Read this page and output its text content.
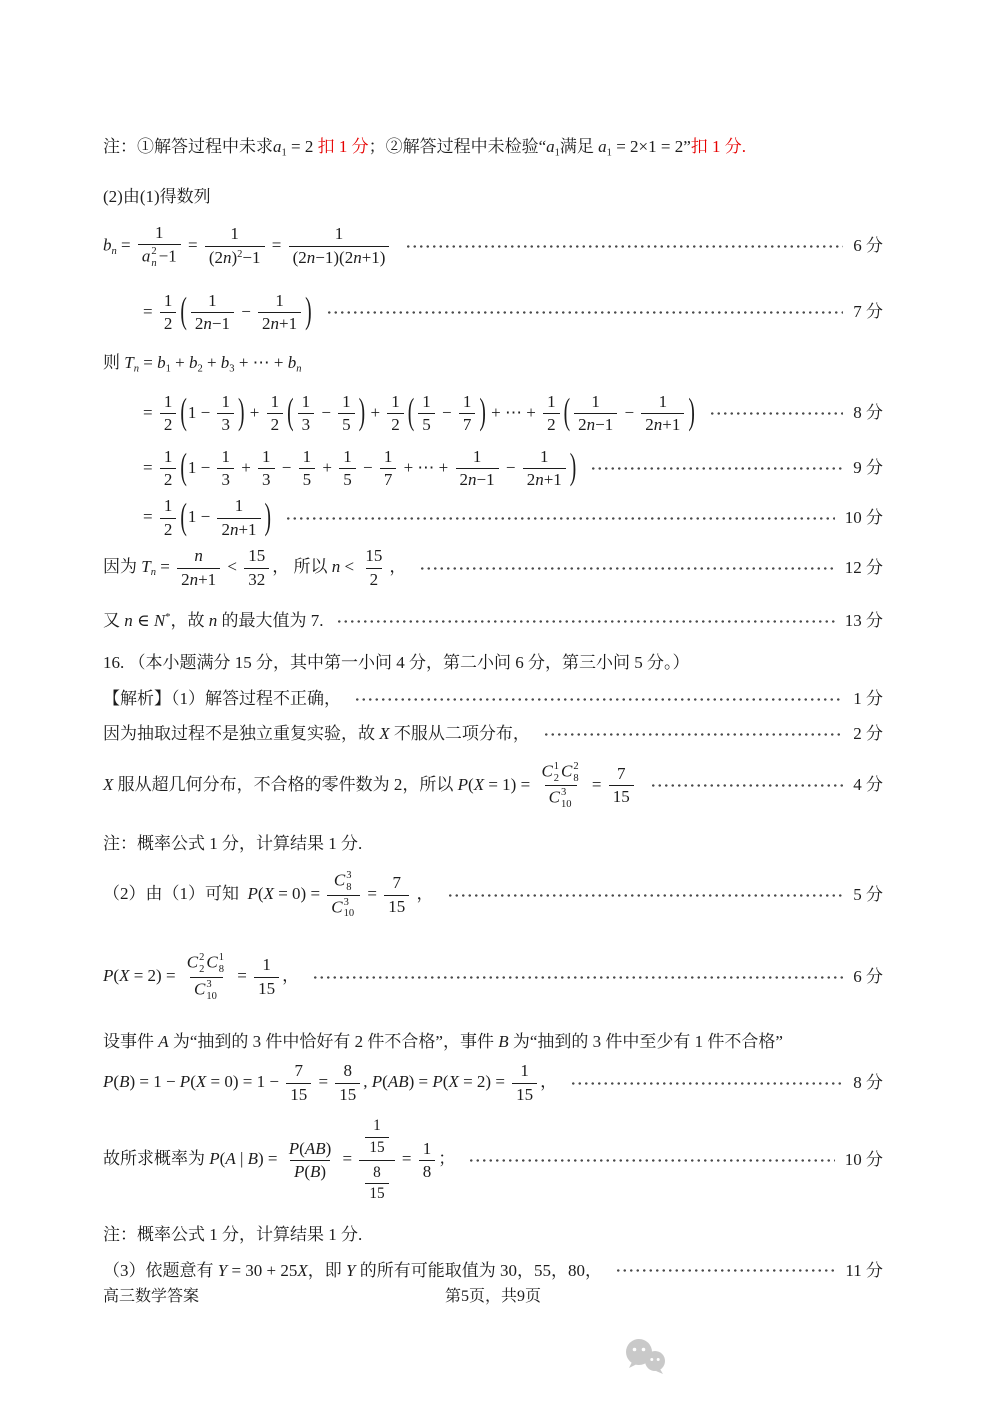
注：①解答过程中未求a1 = 2 扣 1 分；②解答过程中未检验“a1满足 a1 = 2×1 = 2”扣 1 分.
(2)由(1)得数列
bn = 1
a 2
$n -1 = \frac{1}{(2n)^2-1} = \frac{1}{(2n-1)(2n+1)}$	6 分
= $\frac{1}{2}$ ( $\frac{1}{2n-1} - \frac{1}{2n+1}$ )	7 分
则 Tn = b1 + b2 + b3 + ⋯ + bn
= $\frac{1}{2}$ ( $1 - \frac{1}{3}$ ) + $\frac{1}{2}$ ( $\frac{1}{3} - \frac{1}{5}$ ) + $\frac{1}{2}$ ( $\frac{1}{5} - \frac{1}{7}$ ) + ⋯ + $\frac{1}{2}$ ( $\frac{1}{2n-1} - \frac{1}{2n+1}$ )	8 分
= $\frac{1}{2}$ ( $1 - \frac{1}{3} + \frac{1}{3} - \frac{1}{5} + \frac{1}{5} - \frac{1}{7}$ + ⋯ + $\frac{1}{2n-1} - \frac{1}{2n+1}$ )	9 分
= $\frac{1}{2}$ ( $1 - \frac{1}{2n+1}$ )	10 分
因为 $Tn = \frac{n}{2n+1} < \frac{15}{32}$ ， 所以 $n < \frac{15}{2}$ ，	12 分
又 n ∈ N*，故 n 的最大值为 7.	13 分
16. （本小题满分 15 分，其中第一小问 4 分，第二小问 6 分，第三小问 5 分。）
【解析】（1）解答过程不正确，	1 分
因为抽取过程不是独立重复实验，故 X 不服从二项分布，	2 分
X 服从超几何分布，不合格的零件数为 2，所以 P(X = 1) = C 1
2 C 2
8
C 3
$10 = \frac{7}{15}$	4 分
注：概率公式 1 分，计算结果 1 分.
（2）由（1）可知  P(X = 0) = C 3
8
C 3
$10 = \frac{7}{15}$ ，	5 分
P(X = 2) = C 2
2 C 1
8
C 3
$10 = \frac{1}{15}$ ，	6 分
设事件 A 为“抽到的 3 件中恰好有 2 件不合格”，事件 B 为“抽到的 3 件中至少有 1 件不合格”
$P(B) = 1 - P(X = 0) = 1 - \frac{7}{15} = \frac{8}{15}$ , $P(AB) = P(X = 2) = \frac{1}{15}$ ，	8 分
故所求概率为 P(A | $B) = \frac{P(AB)}{P(B)} = \frac{\frac{1}{15}}{\frac{8}{15}} = \frac{1}{8}$ ；	10 分
注：概率公式 1 分，计算结果 1 分.
（3）依题意有 Y = 30 + 25X，即 Y 的所有可能取值为 30，55，80，	11 分
高三数学答案	第5页，共9页
